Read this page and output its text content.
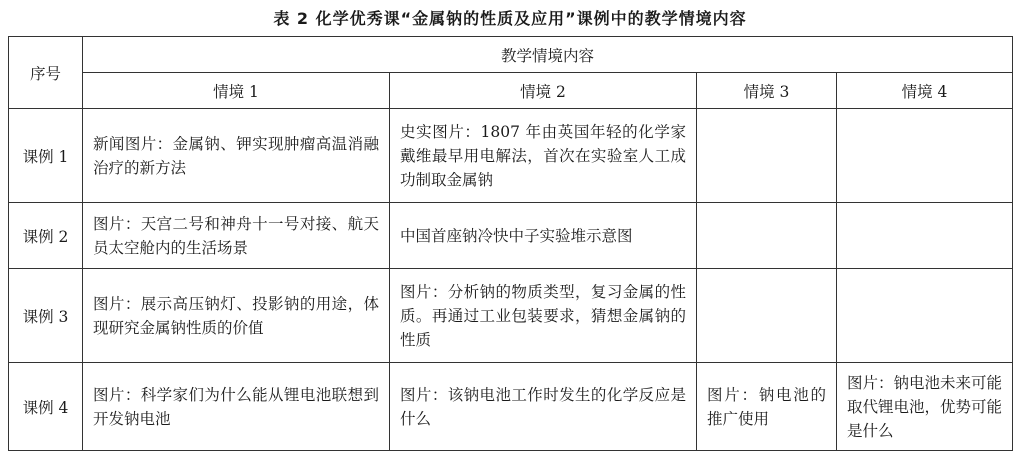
表 2 化学优秀课“金属钠的性质及应用”课例中的教学情境内容
序号	教学情境内容			
	情境 1	情境 2	情境 3	情境 4
课例 1	新闻图片：金属钠、钾实现肿瘤高温消融治疗的新方法	史实图片：1807 年由英国年轻的化学家戴维最早用电解法，首次在实验室人工成功制取金属钠		
课例 2	图片：天宫二号和神舟十一号对接、航天员太空舱内的生活场景	中国首座钠冷快中子实验堆示意图		
课例 3	图片：展示高压钠灯、投影钠的用途，体现研究金属钠性质的价值	图片：分析钠的物质类型，复习金属的性质。再通过工业包装要求，猜想金属钠的性质		
课例 4	图片：科学家们为什么能从锂电池联想到开发钠电池	图片：该钠电池工作时发生的化学反应是什么	图片：钠电池的推广使用	图片：钠电池未来可能取代锂电池，优势可能是什么
